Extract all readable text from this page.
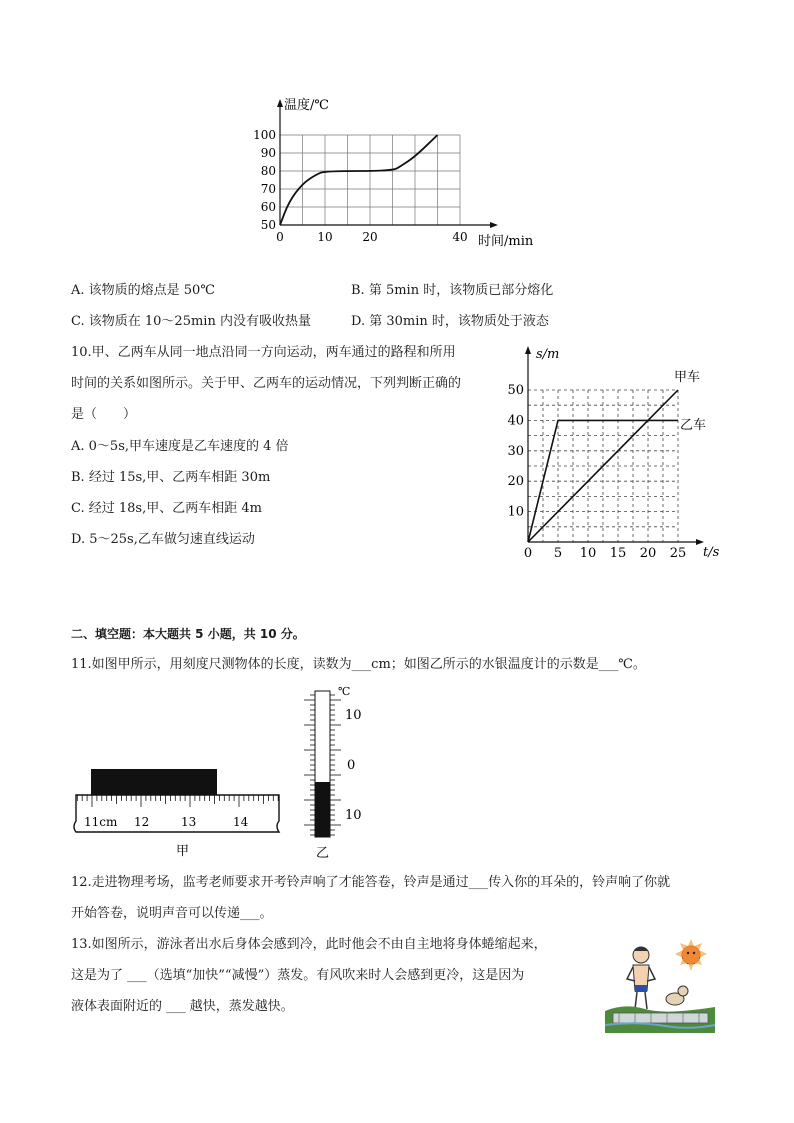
50
60
70
80
90
100
0	10 20	40
温度/℃
时间/min
A. 该物质的熔点是 50℃	B. 第 5min 时，该物质已部分熔化
C. 该物质在 10～25min 内没有吸收热量	D. 第 30min 时，该物质处于液态
10.甲、乙两车从同一地点沿同一方向运动，两车通过的路程和所用
时间的关系如图所示。关于甲、乙两车的运动情况，下列判断正确的
是（　　）
A. 0～5s,甲车速度是乙车速度的 4 倍
B. 经过 15s,甲、乙两车相距 30m
C. 经过 18s,甲、乙两车相距 4m
D. 5～25s,乙车做匀速直线运动
10
20
30
40
50
0 5 10 15 20 25
s/m
t/s
甲车
乙车
二、填空题：本大题共 5 小题，共 10 分。
11.如图甲所示，用刻度尺测物体的长度，读数为___cm；如图乙所示的水银温度计的示数是___℃。
11cm 12	13	14
甲
℃
10
0
10
乙
12.走进物理考场，监考老师要求开考铃声响了才能答卷，铃声是通过___传入你的耳朵的，铃声响了你就
开始答卷，说明声音可以传递___。
13.如图所示，游泳者出水后身体会感到冷，此时他会不由自主地将身体蜷缩起来，
这是为了 ___（选填“加快”“减慢”）蒸发。有风吹来时人会感到更冷，这是因为
液体表面附近的 ___ 越快，蒸发越快。
